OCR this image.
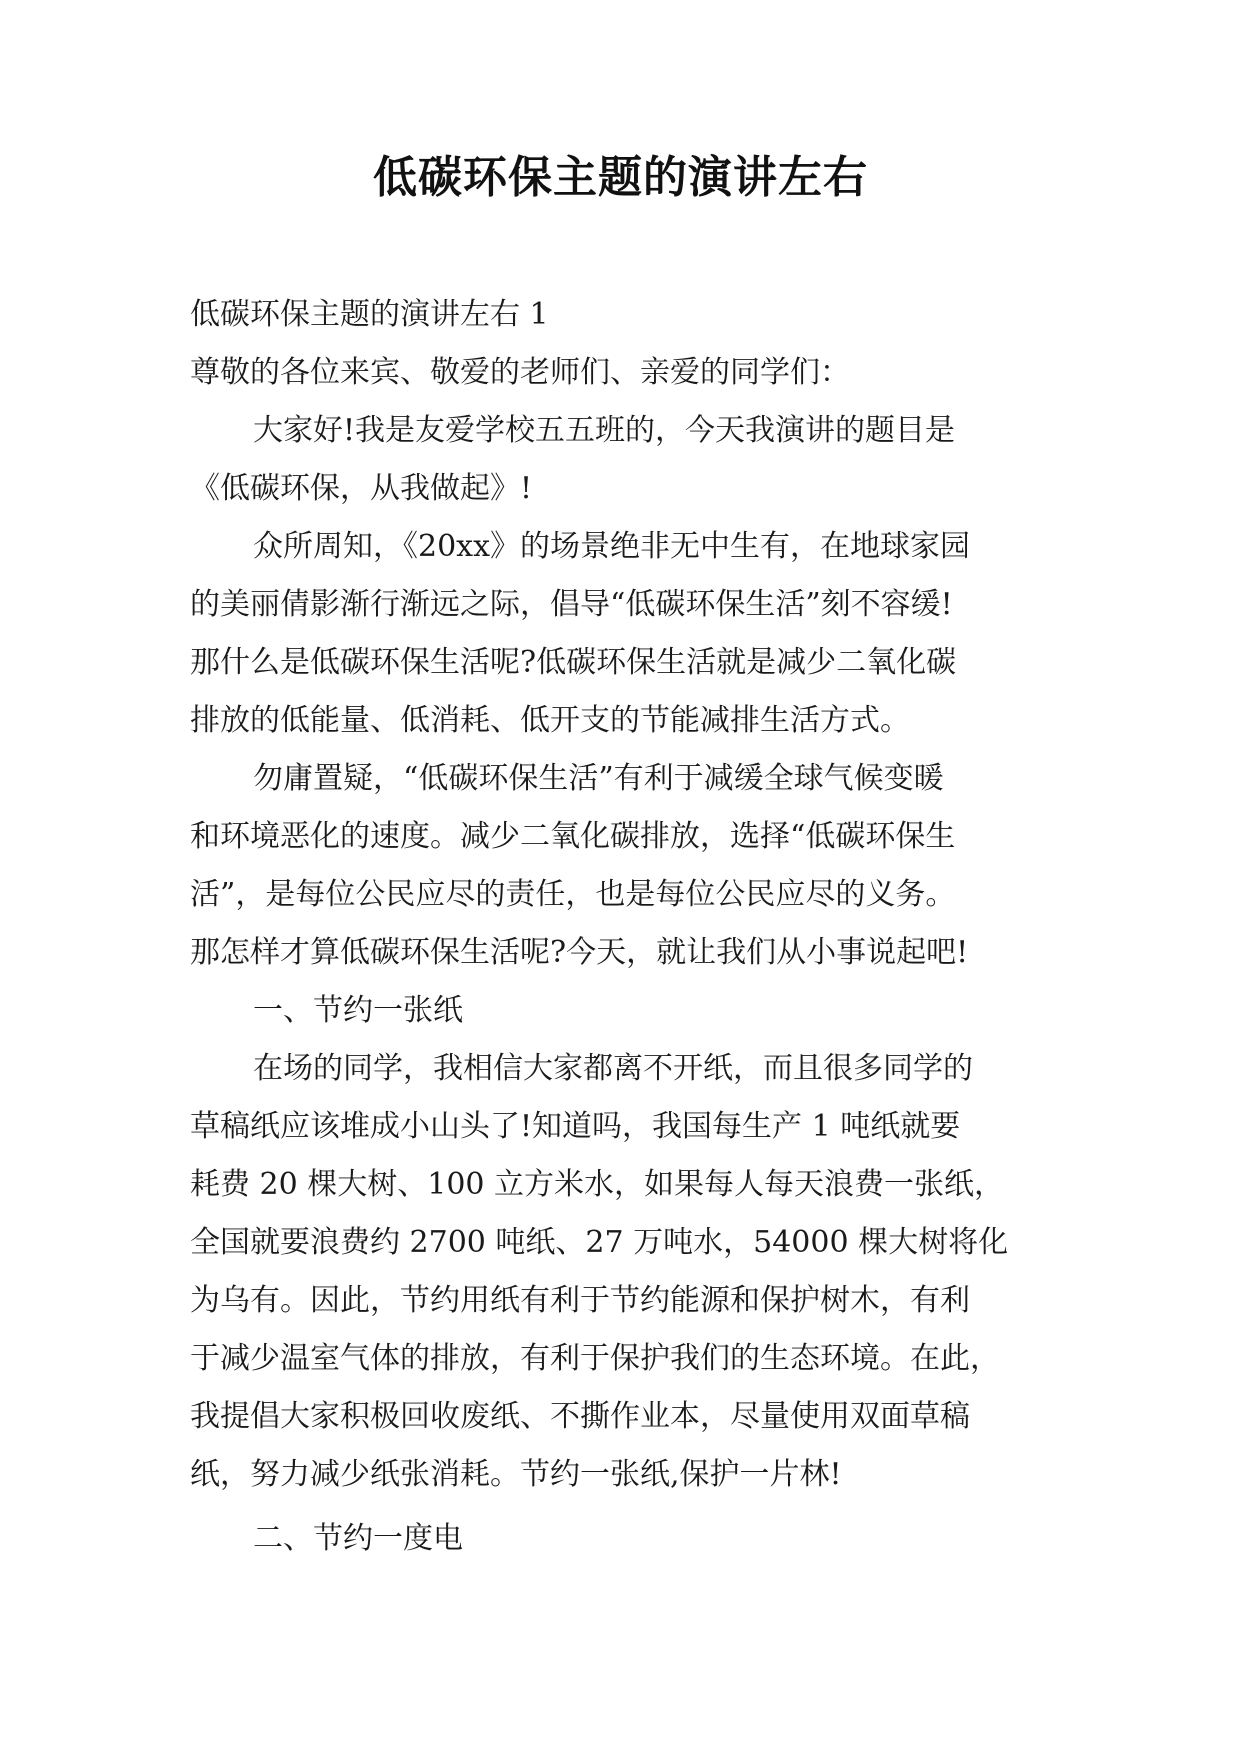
低碳环保主题的演讲左右
低碳环保主题的演讲左右 1
尊敬的各位来宾、敬爱的老师们、亲爱的同学们：
大家好!我是友爱学校五五班的，今天我演讲的题目是
《低碳环保，从我做起》!
众所周知，《20xx》的场景绝非无中生有，在地球家园
的美丽倩影渐行渐远之际，倡导“低碳环保生活”刻不容缓!
那什么是低碳环保生活呢?低碳环保生活就是减少二氧化碳
排放的低能量、低消耗、低开支的节能减排生活方式。
勿庸置疑，“低碳环保生活”有利于减缓全球气候变暖
和环境恶化的速度。减少二氧化碳排放，选择“低碳环保生
活”，是每位公民应尽的责任，也是每位公民应尽的义务。
那怎样才算低碳环保生活呢?今天，就让我们从小事说起吧!
一、节约一张纸
在场的同学，我相信大家都离不开纸，而且很多同学的
草稿纸应该堆成小山头了!知道吗，我国每生产 1 吨纸就要
耗费 20 棵大树、100 立方米水，如果每人每天浪费一张纸，
全国就要浪费约 2700 吨纸、27 万吨水，54000 棵大树将化
为乌有。因此，节约用纸有利于节约能源和保护树木，有利
于减少温室气体的排放，有利于保护我们的生态环境。在此，
我提倡大家积极回收废纸、不撕作业本，尽量使用双面草稿
纸，努力减少纸张消耗。节约一张纸,保护一片林!
二、节约一度电
